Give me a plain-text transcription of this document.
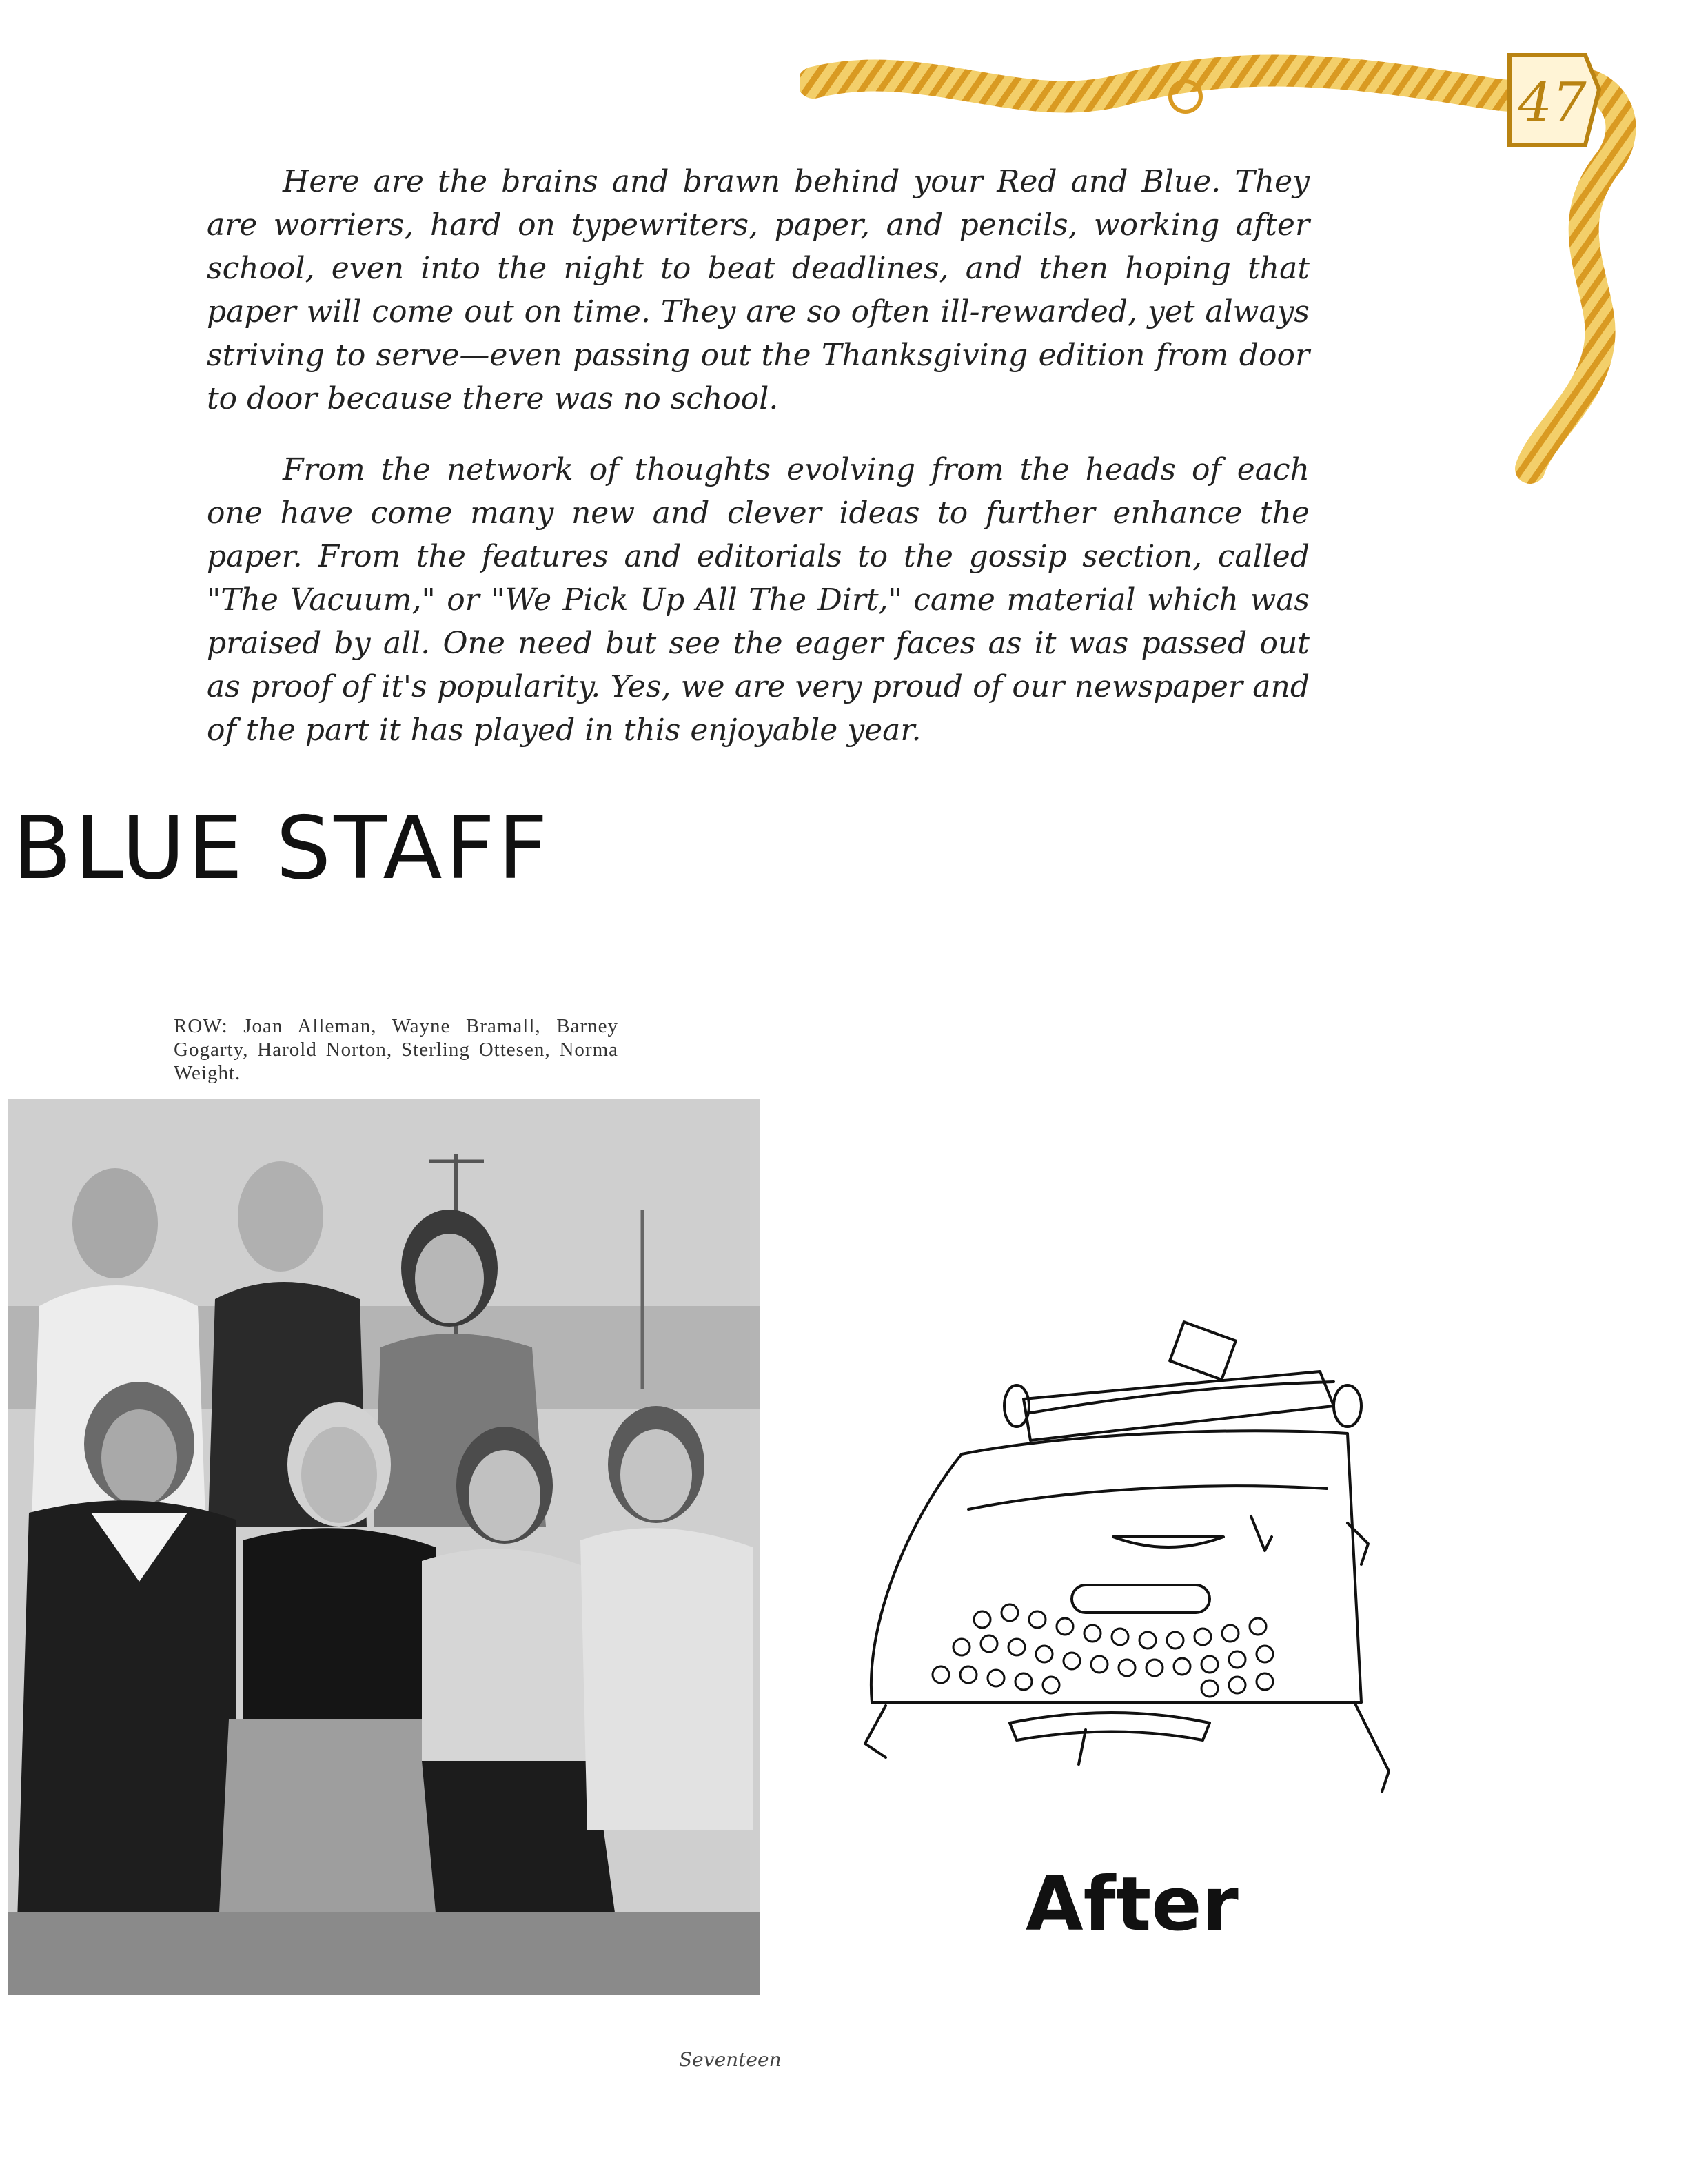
47

Here are the brains and brawn behind your Red and Blue. They are worriers, hard on typewriters, paper, and pencils, working after school, even into the night to beat deadlines, and then hoping that paper will come out on time. They are so often ill-rewarded, yet always striving to serve—even passing out the Thanksgiving edition from door to door because there was no school.

From the network of thoughts evolving from the heads of each one have come many new and clever ideas to further enhance the paper. From the features and editorials to the gossip section, called "The Vacuum," or "We Pick Up All The Dirt," came material which was praised by all. One need but see the eager faces as it was passed out as proof of it's popularity. Yes, we are very proud of our newspaper and of the part it has played in this enjoyable year.

BLUE STAFF

ROW: Joan Alleman, Wayne Bramall, Barney Gogarty, Harold Norton, Sterling Ottesen, Norma Weight.

After

Seventeen
